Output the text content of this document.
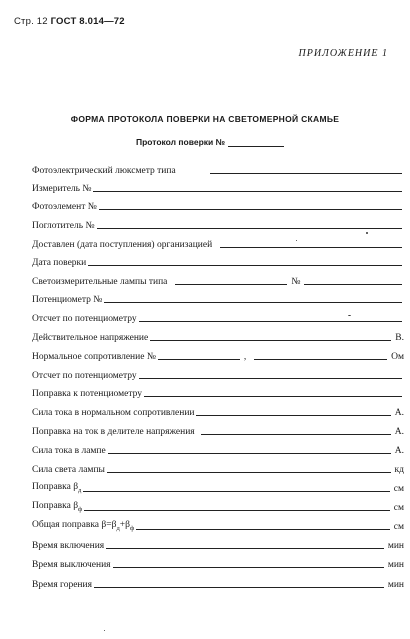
Стр. 12 ГОСТ 8.014—72
ПРИЛОЖЕНИЕ 1
ФОРМА ПРОТОКОЛА ПОВЕРКИ НА СВЕТОМЕРНОЙ СКАМЬЕ
Протокол поверки №
Фотоэлектрический люксметр типа
Измеритель №
Фотоэлемент №
Поглотитель №
Доставлен (дата поступления) организацией
Дата поверки
Светоизмерительные лампы типа	№
Потенциометр №
Отсчет по потенциометру
Действительное напряжение	В.
Нормальное сопротивление №	,	Ом
Отсчет по потенциометру
Поправка к потенциометру
Сила тока в нормальном сопротивлении	А.
Поправка на ток в делителе напряжения	А.
Сила тока в лампе	А.
Сила света лампы	кд
Поправка $\beta_д$	см
Поправка $\beta_ф$	см
Общая поправка $\beta=\beta_д+\beta_ф$	см
Время включения	мин
Время выключения	мин
Время горения	мин
